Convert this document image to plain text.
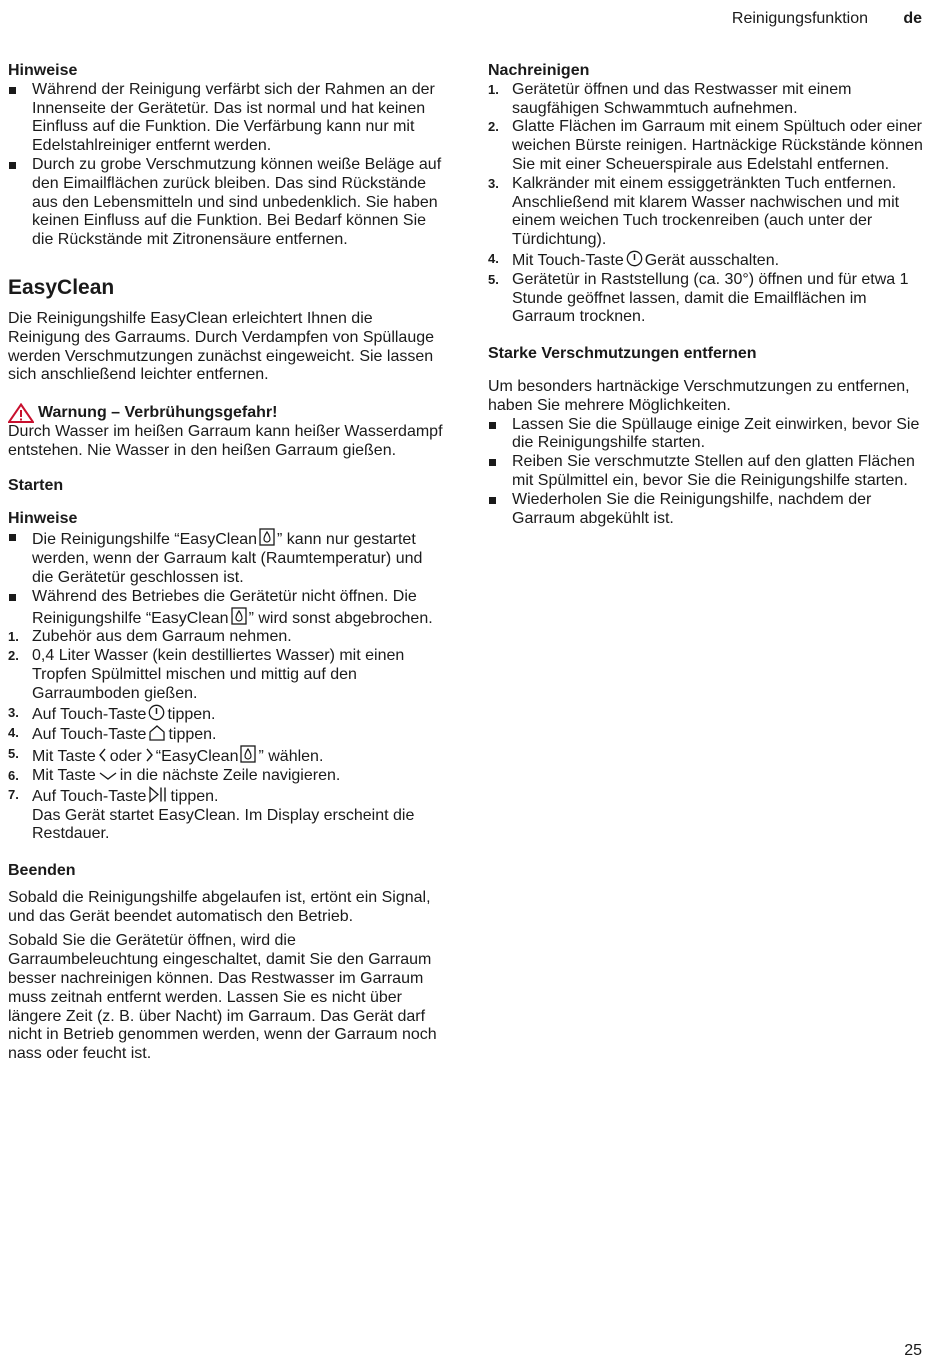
Reinigungsfunktion de
Hinweise
Während der Reinigung verfärbt sich der Rahmen an der Innenseite der Gerätetür. Das ist normal und hat keinen Einfluss auf die Funktion. Die Verfärbung kann nur mit Edelstahlreiniger entfernt werden.
Durch zu grobe Verschmutzung können weiße Beläge auf den Eimailflächen zurück bleiben. Das sind Rückstände aus den Lebensmitteln und sind unbedenklich. Sie haben keinen Einfluss auf die Funktion. Bei Bedarf können Sie die Rückstände mit Zitronensäure entfernen.
EasyClean

Die Reinigungshilfe EasyClean erleichtert Ihnen die Reinigung des Garraums. Durch Verdampfen von Spüllauge werden Verschmutzungen zunächst eingeweicht. Sie lassen sich anschließend leichter entfernen.

Warnung – Verbrühungsgefahr!

Durch Wasser im heißen Garraum kann heißer Wasserdampf entstehen. Nie Wasser in den heißen Garraum gießen.

Starten
Hinweise
Die Reinigungshilfe “EasyClean ” kann nur gestartet werden, wenn der Garraum kalt (Raumtemperatur) und die Gerätetür geschlossen ist.
Während des Betriebes die Gerätetür nicht öffnen. Die Reinigungshilfe “EasyClean ” wird sonst abgebrochen.
1. Zubehör aus dem Garraum nehmen.
2. 0,4 Liter Wasser (kein destilliertes Wasser) mit einen Tropfen Spülmittel mischen und mittig auf den Garraumboden gießen.
3. Auf Touch-Taste tippen.
4. Auf Touch-Taste tippen.
5. Mit Taste oder “EasyClean ” wählen.
6. Mit Taste in die nächste Zeile navigieren.
7. Auf Touch-Taste tippen.
Das Gerät startet EasyClean. Im Display erscheint die Restdauer.
Beenden

Sobald die Reinigungshilfe abgelaufen ist, ertönt ein Signal, und das Gerät beendet automatisch den Betrieb.

Sobald Sie die Gerätetür öffnen, wird die Garraumbeleuchtung eingeschaltet, damit Sie den Garraum besser nachreinigen können. Das Restwasser im Garraum muss zeitnah entfernt werden. Lassen Sie es nicht über längere Zeit (z. B. über Nacht) im Garraum. Das Gerät darf nicht in Betrieb genommen werden, wenn der Garraum noch nass oder feucht ist.

Nachreinigen
1. Gerätetür öffnen und das Restwasser mit einem saugfähigen Schwammtuch aufnehmen.
2. Glatte Flächen im Garraum mit einem Spültuch oder einer weichen Bürste reinigen. Hartnäckige Rückstände können Sie mit einer Scheuerspirale aus Edelstahl entfernen.
3. Kalkränder mit einem essiggetränkten Tuch entfernen. Anschließend mit klarem Wasser nachwischen und mit einem weichen Tuch trockenreiben (auch unter der Türdichtung).
4. Mit Touch-Taste Gerät ausschalten.
5. Gerätetür in Raststellung (ca. 30°) öffnen und für etwa 1 Stunde geöffnet lassen, damit die Emailflächen im Garraum trocknen.
Starke Verschmutzungen entfernen

Um besonders hartnäckige Verschmutzungen zu entfernen, haben Sie mehrere Möglichkeiten.

Lassen Sie die Spüllauge einige Zeit einwirken, bevor Sie die Reinigungshilfe starten.
Reiben Sie verschmutzte Stellen auf den glatten Flächen mit Spülmittel ein, bevor Sie die Reinigungshilfe starten.
Wiederholen Sie die Reinigungshilfe, nachdem der Garraum abgekühlt ist.
25
